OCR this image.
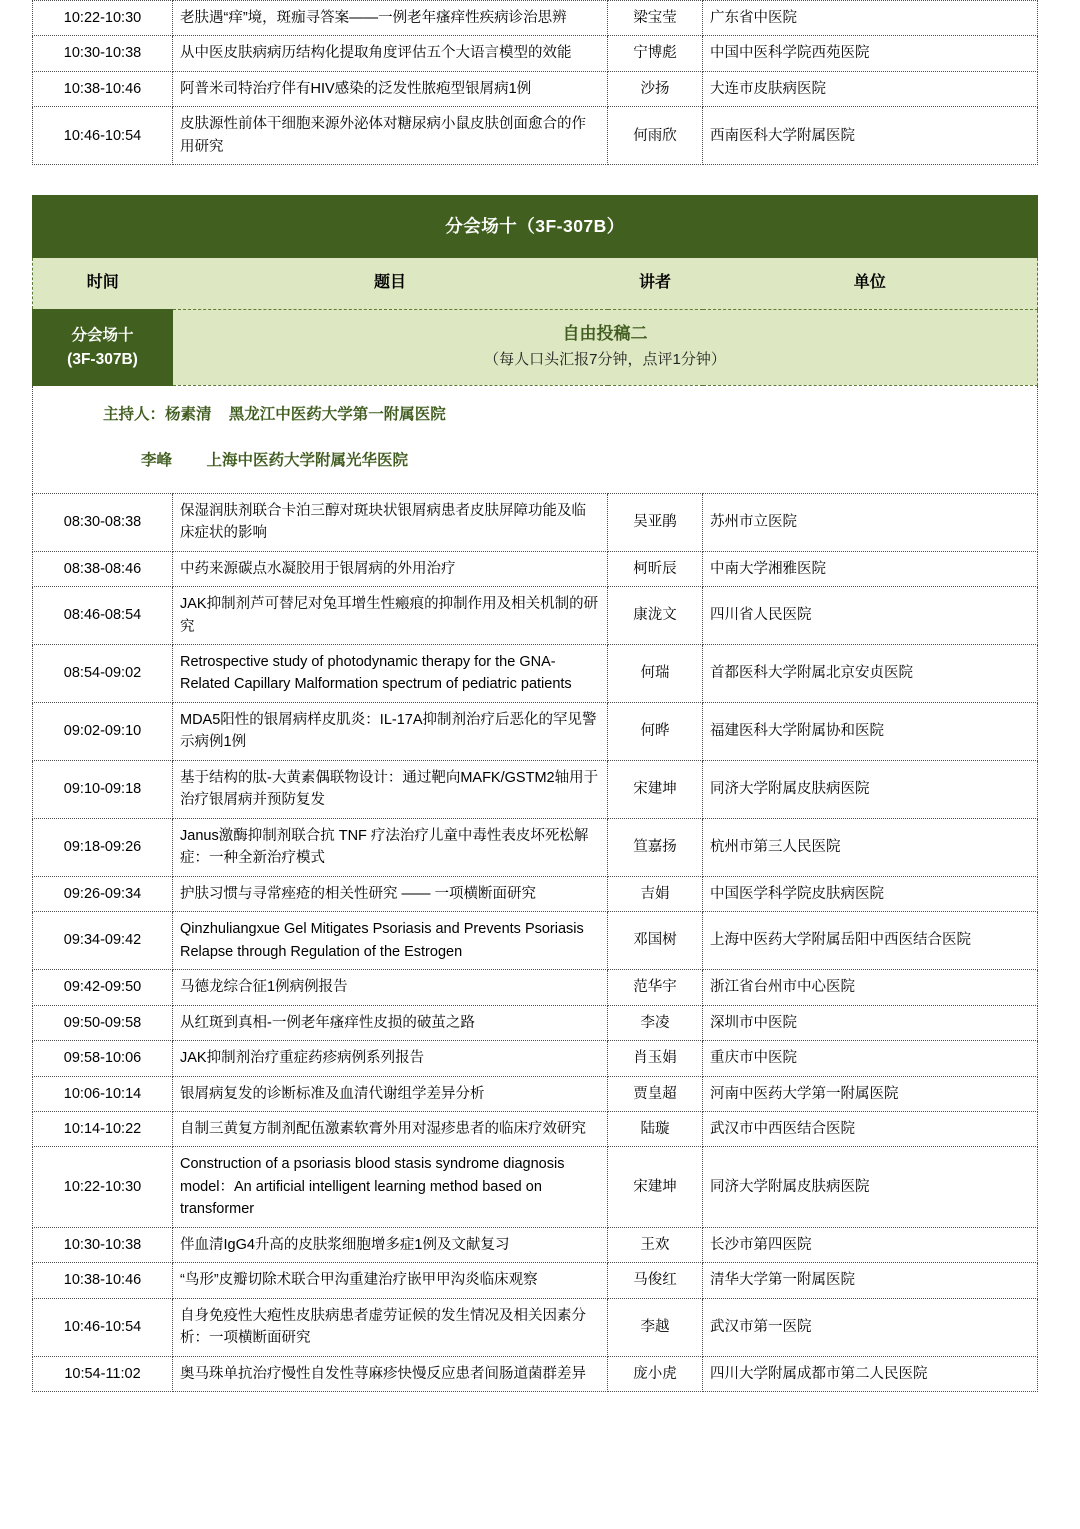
10:22-10:30	老肤遇“痒”境，斑痂寻答案——一例老年瘙痒性疾病诊治思辨	梁宝莹	广东省中医院
10:30-10:38	从中医皮肤病病历结构化提取角度评估五个大语言模型的效能	宁博彪	中国中医科学院西苑医院
10:38-10:46	阿普米司特治疗伴有HIV感染的泛发性脓疱型银屑病1例	沙扬	大连市皮肤病医院
10:46-10:54	皮肤源性前体干细胞来源外泌体对糖尿病小鼠皮肤创面愈合的作用研究	何雨欣	西南医科大学附属医院
分会场十（3F-307B）			
时间	题目	讲者	单位

分会场十
(3F-307B)

自由投稿二
（每人口头汇报7分钟，点评1分钟）

主持人：杨素清    黑龙江中医药大学第一附属医院
李峰        上海中医药大学附属光华医院			

08:30-08:38	保湿润肤剂联合卡泊三醇对斑块状银屑病患者皮肤屏障功能及临床症状的影响	吴亚鹃	苏州市立医院
08:38-08:46	中药来源碳点水凝胶用于银屑病的外用治疗	柯昕辰	中南大学湘雅医院
08:46-08:54	JAK抑制剂芦可替尼对兔耳增生性瘢痕的抑制作用及相关机制的研究	康泷文	四川省人民医院
08:54-09:02	Retrospective study of photodynamic therapy for the GNA-Related Capillary Malformation spectrum of pediatric patients	何瑞	首都医科大学附属北京安贞医院
09:02-09:10	MDA5阳性的银屑病样皮肌炎：IL-17A抑制剂治疗后恶化的罕见警示病例1例	何晔	福建医科大学附属协和医院
09:10-09:18	基于结构的肽-大黄素偶联物设计：通过靶向MAFK/GSTM2轴用于治疗银屑病并预防复发	宋建坤	同济大学附属皮肤病医院
09:18-09:26	Janus激酶抑制剂联合抗 TNF 疗法治疗儿童中毒性表皮坏死松解症：一种全新治疗模式	笪嘉扬	杭州市第三人民医院
09:26-09:34	护肤习惯与寻常痤疮的相关性研究 —— 一项横断面研究	吉娟	中国医学科学院皮肤病医院
09:34-09:42	Qinzhuliangxue Gel Mitigates Psoriasis and Prevents Psoriasis Relapse through Regulation of the Estrogen	邓国树	上海中医药大学附属岳阳中西医结合医院
09:42-09:50	马德龙综合征1例病例报告	范华宇	浙江省台州市中心医院
09:50-09:58	从红斑到真相-一例老年瘙痒性皮损的破茧之路	李凌	深圳市中医院
09:58-10:06	JAK抑制剂治疗重症药疹病例系列报告	肖玉娟	重庆市中医院
10:06-10:14	银屑病复发的诊断标准及血清代谢组学差异分析	贾皇超	河南中医药大学第一附属医院
10:14-10:22	自制三黄复方制剂配伍激素软膏外用对湿疹患者的临床疗效研究	陆璇	武汉市中西医结合医院
10:22-10:30	Construction of a psoriasis blood stasis syndrome diagnosis model：An artificial intelligent learning method based on transformer	宋建坤	同济大学附属皮肤病医院
10:30-10:38	伴血清IgG4升高的皮肤浆细胞增多症1例及文献复习	王欢	长沙市第四医院
10:38-10:46	“鸟形”皮瓣切除术联合甲沟重建治疗嵌甲甲沟炎临床观察	马俊红	清华大学第一附属医院
10:46-10:54	自身免疫性大疱性皮肤病患者虚劳证候的发生情况及相关因素分析：一项横断面研究	李越	武汉市第一医院
10:54-11:02	奥马珠单抗治疗慢性自发性荨麻疹快慢反应患者间肠道菌群差异	庞小虎	四川大学附属成都市第二人民医院
